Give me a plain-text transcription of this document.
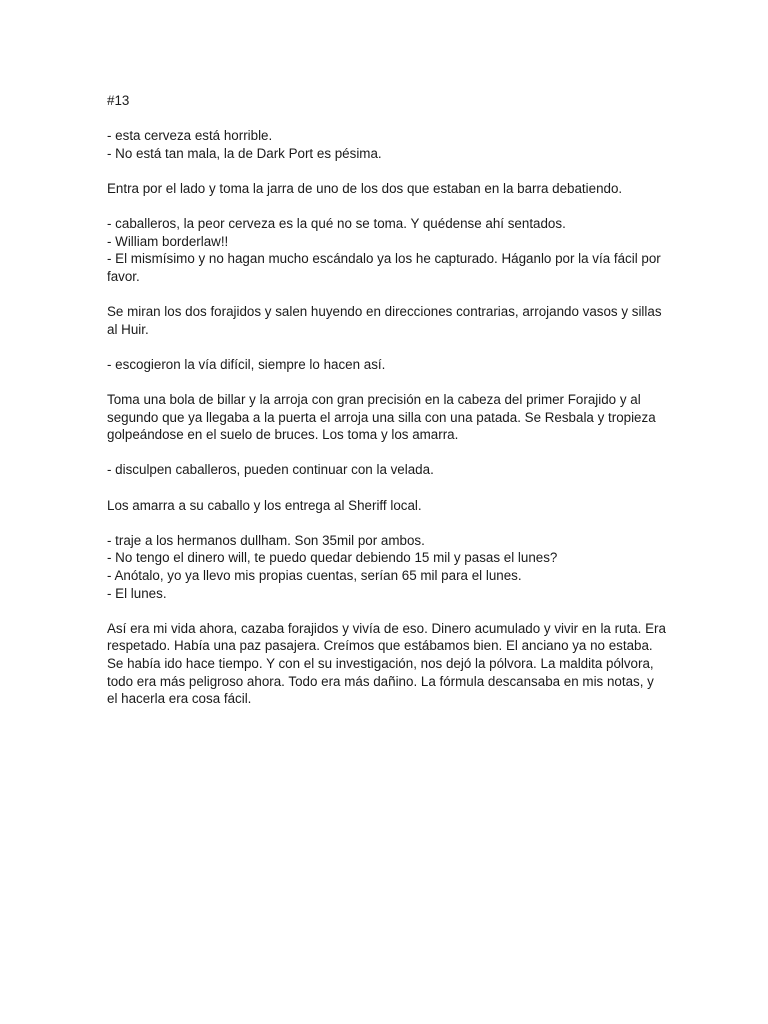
#13

- esta cerveza está horrible.
- No está tan mala, la de Dark Port es pésima.
Entra por el lado y toma la jarra de uno de los dos que estaban en la barra debatiendo.
- caballeros, la peor cerveza es la qué no se toma. Y quédense ahí sentados.
- William borderlaw!!
- El mismísimo y no hagan mucho escándalo ya los he capturado. Háganlo por la vía fácil por favor.
Se miran los dos forajidos y salen huyendo en direcciones contrarias, arrojando vasos y sillas al Huir.
- escogieron la vía difícil, siempre lo hacen así.
Toma una bola de billar y la arroja con gran precisión en la cabeza del primer Forajido y al segundo que ya llegaba a la puerta el arroja una silla con una patada. Se Resbala y tropieza golpeándose en el suelo de bruces. Los toma y los amarra.
- disculpen caballeros, pueden continuar con la velada.
Los amarra a su caballo y los entrega al Sheriff local.
- traje a los hermanos dullham. Son 35mil por ambos.
- No tengo el dinero will, te puedo quedar debiendo 15 mil y pasas el lunes?
- Anótalo, yo ya llevo mis propias cuentas, serían 65 mil para el lunes.
- El lunes.
Así era mi vida ahora, cazaba forajidos y vivía de eso. Dinero acumulado y vivir en la ruta. Era respetado. Había una paz pasajera. Creímos que estábamos bien. El anciano ya no estaba. Se había ido hace tiempo. Y con el su investigación, nos dejó la pólvora. La maldita pólvora, todo era más peligroso ahora. Todo era más dañino. La fórmula descansaba en mis notas, y el hacerla era cosa fácil.
